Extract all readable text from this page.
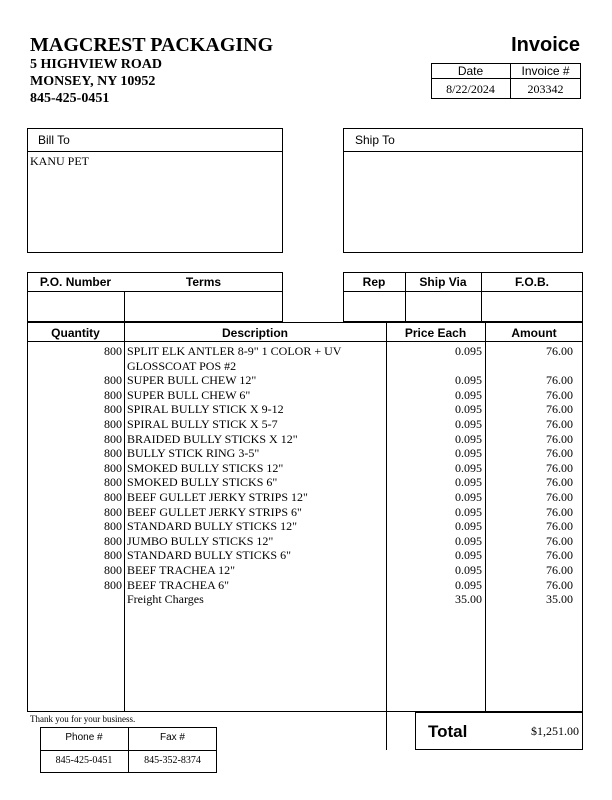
MAGCREST PACKAGING
5 HIGHVIEW ROAD
MONSEY, NY 10952
845-425-0451
Invoice
Date	Invoice #
8/22/2024	203342
Bill To
KANU PET
Ship To
P.O. Number	Terms	Rep	Ship Via	F.O.B.
Quantity	Description	Price Each	Amount
800 SPLIT ELK ANTLER 8-9" 1 COLOR + UV
GLOSSCOAT POS #2
0.095	76.00
800 SUPER BULL CHEW 12"	0.095	76.00
800 SUPER BULL CHEW 6"	0.095	76.00
800 SPIRAL BULLY STICK X 9-12	0.095	76.00
800 SPIRAL BULLY STICK X 5-7	0.095	76.00
800 BRAIDED BULLY STICKS X 12"	0.095	76.00
800 BULLY STICK RING 3-5"	0.095	76.00
800 SMOKED BULLY STICKS 12"	0.095	76.00
800 SMOKED BULLY STICKS 6"	0.095	76.00
800 BEEF GULLET JERKY STRIPS 12"	0.095	76.00
800 BEEF GULLET JERKY STRIPS 6"	0.095	76.00
800 STANDARD BULLY STICKS 12"	0.095	76.00
800 JUMBO BULLY STICKS 12"	0.095	76.00
800 STANDARD BULLY STICKS 6"	0.095	76.00
800 BEEF TRACHEA 12"	0.095	76.00
800 BEEF TRACHEA 6"	0.095	76.00
Freight Charges	35.00	35.00
Thank you for your business.
Phone #	Fax #
845-425-0451	845-352-8374
Total	$1,251.00
